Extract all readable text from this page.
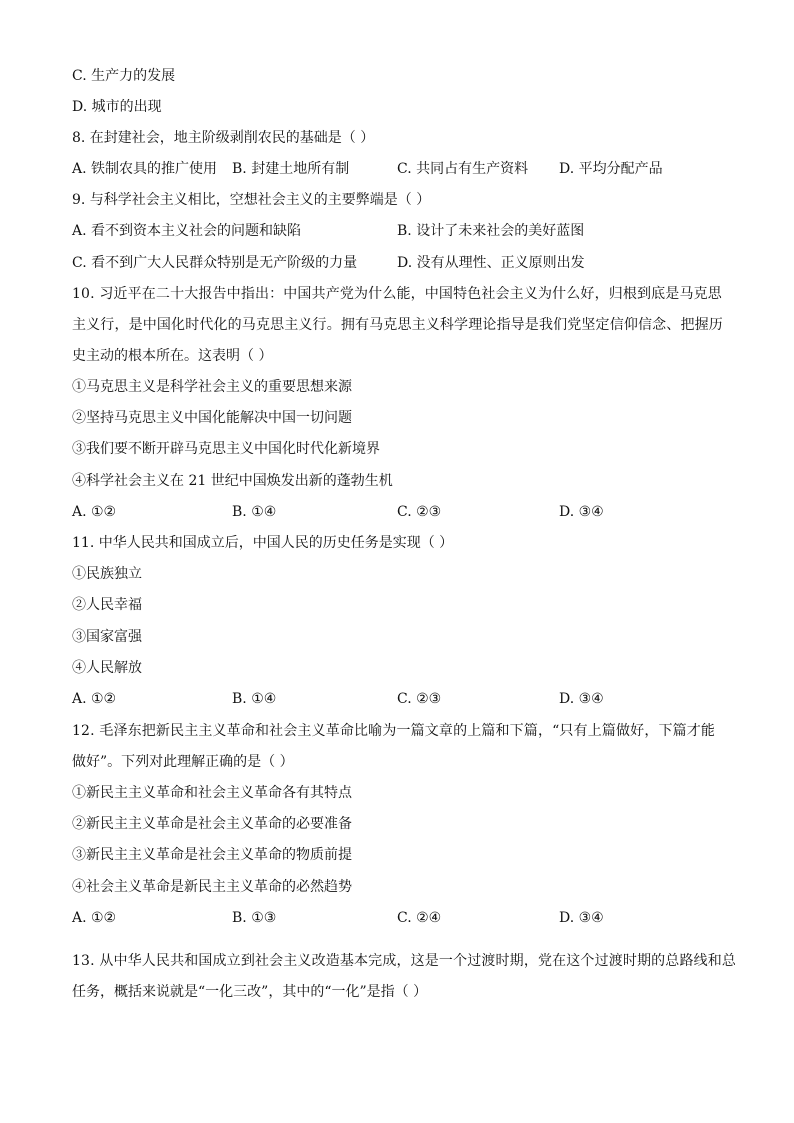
C. 生产力的发展
D. 城市的出现
8. 在封建社会，地主阶级剥削农民的基础是（ ）
A. 铁制农具的推广使用 B. 封建土地所有制	C. 共同占有生产资料 D. 平均分配产品
9. 与科学社会主义相比，空想社会主义的主要弊端是（ ）
A. 看不到资本主义社会的问题和缺陷	B. 设计了未来社会的美好蓝图
C. 看不到广大人民群众特别是无产阶级的力量	D. 没有从理性、正义原则出发
10. 习近平在二十大报告中指出：中国共产党为什么能，中国特色社会主义为什么好，归根到底是马克思
主义行，是中国化时代化的马克思主义行。拥有马克思主义科学理论指导是我们党坚定信仰信念、把握历
史主动的根本所在。这表明（ ）
①马克思主义是科学社会主义的重要思想来源
②坚持马克思主义中国化能解决中国一切问题
③我们要不断开辟马克思主义中国化时代化新境界
④科学社会主义在 21 世纪中国焕发出新的蓬勃生机
A. ①②	B. ①④	C. ②③	D. ③④
11. 中华人民共和国成立后，中国人民的历史任务是实现（ ）
①民族独立
②人民幸福
③国家富强
④人民解放
A. ①②	B. ①④	C. ②③	D. ③④
12. 毛泽东把新民主主义革命和社会主义革命比喻为一篇文章的上篇和下篇，“只有上篇做好，下篇才能
做好”。下列对此理解正确的是（ ）
①新民主主义革命和社会主义革命各有其特点
②新民主主义革命是社会主义革命的必要准备
③新民主主义革命是社会主义革命的物质前提
④社会主义革命是新民主主义革命的必然趋势
A. ①②	B. ①③	C. ②④	D. ③④
13. 从中华人民共和国成立到社会主义改造基本完成，这是一个过渡时期，党在这个过渡时期的总路线和总
任务，概括来说就是“一化三改”，其中的“一化”是指（ ）
